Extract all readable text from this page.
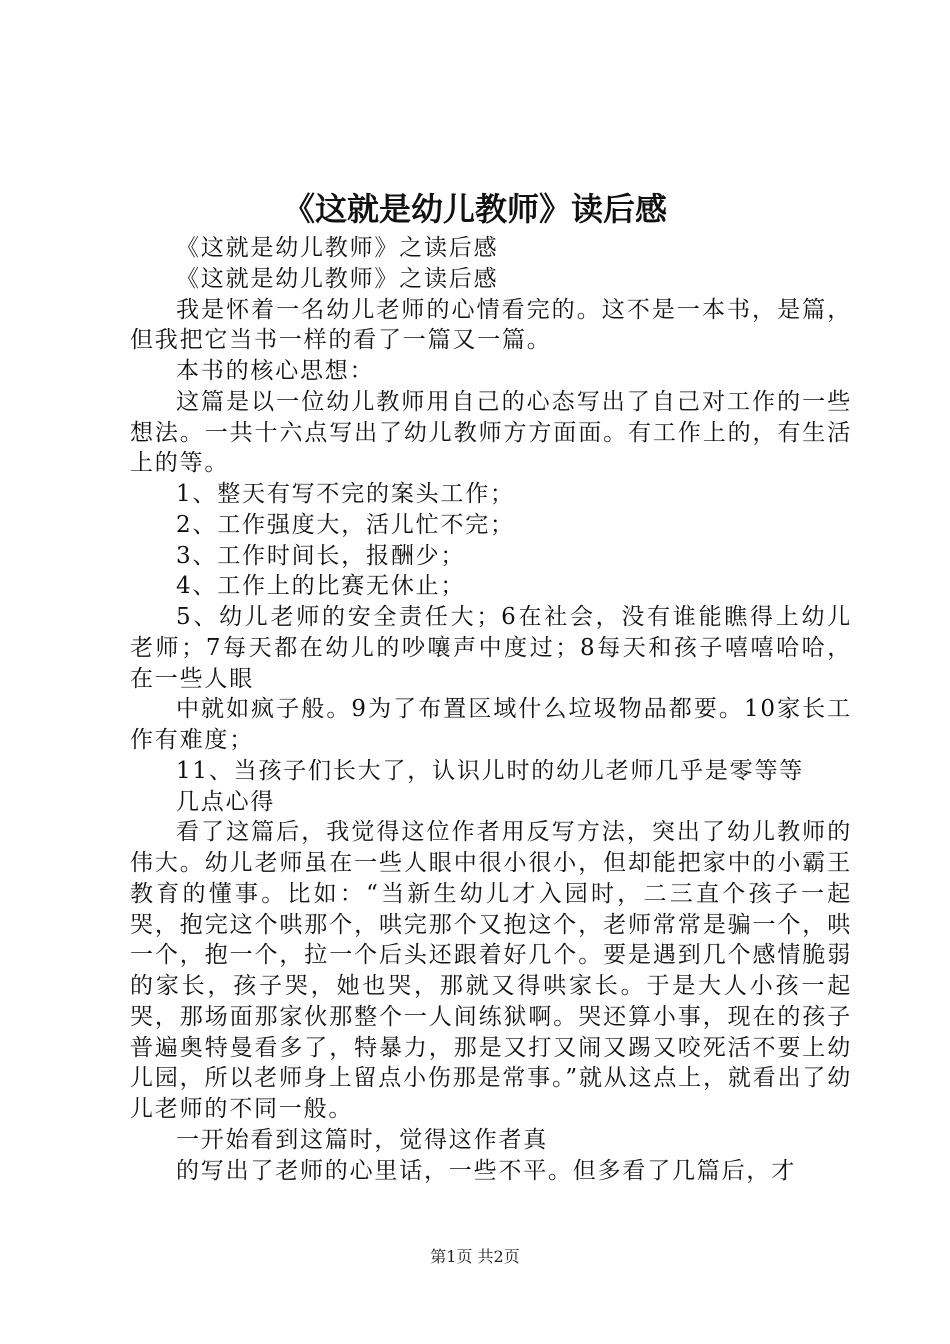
《这就是幼儿教师》读后感

《这就是幼儿教师》之读后感

《这就是幼儿教师》之读后感

我是怀着一名幼儿老师的心情看完的。这不是一本书，是篇，但我把它当书一样的看了一篇又一篇。

本书的核心思想：

这篇是以一位幼儿教师用自己的心态写出了自己对工作的一些想法。一共十六点写出了幼儿教师方方面面。有工作上的，有生活上的等。

1、整天有写不完的案头工作；

2、工作强度大，活儿忙不完；

3、工作时间长，报酬少；

4、工作上的比赛无休止；

5、幼儿老师的安全责任大；6在社会，没有谁能瞧得上幼儿老师；7每天都在幼儿的吵嚷声中度过；8每天和孩子嘻嘻哈哈，在一些人眼

中就如疯子般。9为了布置区域什么垃圾物品都要。10家长工作有难度；

11、当孩子们长大了，认识儿时的幼儿老师几乎是零等等

几点心得

看了这篇后，我觉得这位作者用反写方法，突出了幼儿教师的伟大。幼儿老师虽在一些人眼中很小很小，但却能把家中的小霸王教育的懂事。比如：“当新生幼儿才入园时，二三直个孩子一起哭，抱完这个哄那个，哄完那个又抱这个，老师常常是骗一个，哄一个，抱一个，拉一个后头还跟着好几个。要是遇到几个感情脆弱的家长，孩子哭，她也哭，那就又得哄家长。于是大人小孩一起哭，那场面那家伙那整个一人间练狱啊。哭还算小事，现在的孩子普遍奥特曼看多了，特暴力，那是又打又闹又踢又咬死活不要上幼儿园，所以老师身上留点小伤那是常事。”就从这点上，就看出了幼儿老师的不同一般。

一开始看到这篇时，觉得这作者真

的写出了老师的心里话，一些不平。但多看了几篇后，才

第1页 共2页
